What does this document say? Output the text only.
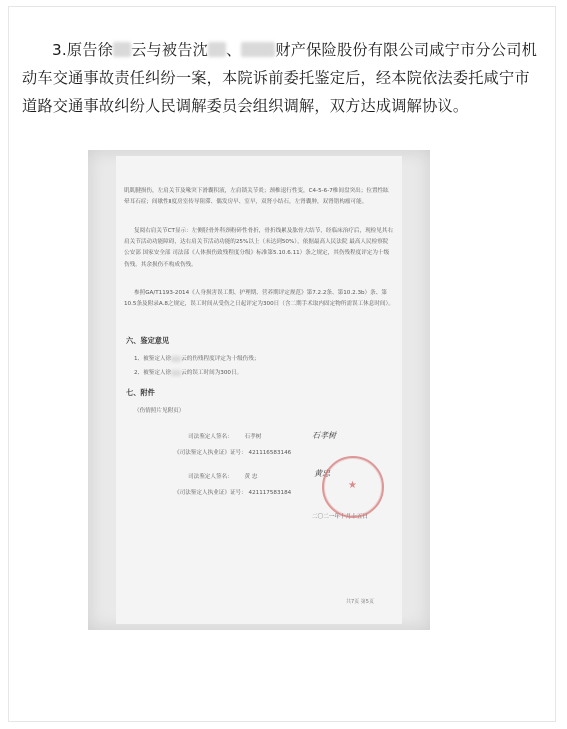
3.原告徐 云与被告沈 、 财产保险股份有限公司咸宁市分公司机动车交通事故责任纠纷一案，本院诉前委托鉴定后，经本院依法委托咸宁市道路交通事故纠纷人民调解委员会组织调解，双方达成调解协议。

肌肌腱损伤，左肩关节及喙突下滑囊积液，左肩锁关节炎；颈椎退行性变，C4-5-6-7椎间盘突出；位置性眩晕耳石症；间歇性Ⅱ度房室传导阻滞、偶发房早、室早，双肾小结石，左肾囊肿，双肾错构瘤可能。
复阅右肩关节CT显示：左侧胫骨外科颈粉碎性骨折，骨折线累及肱骨大结节，经临床治疗后，现检见其右肩关节活动功能障碍，达右肩关节活动功能的25%以上（未达到50%），依据最高人民法院 最高人民检察院 公安部 国家安全部 司法部《人体损伤致残程度分级》标准第5.10.6.11）条之规定，其伤残程度评定为十级伤残。其余损伤不构成伤残。
参照GA/T1193-2014《人身损害误工期、护理期、营养期评定规范》第7.2.2条、第10.2.3b）条、第10.5条及附录A.8之规定，误工时间从受伤之日起评定为300日（含二期手术取内固定物所需误工休息时间）。
六、鉴定意见
1、被鉴定人徐 云的伤残程度评定为十级伤残；
2、被鉴定人徐 云的误工时间为300日。
七、附件
（伤情照片见附页）
司法鉴定人签名： 石孝树	石孝树
《司法鉴定人执业证》证号： 421116583146
司法鉴定人签名： 黄 忠	黄忠
《司法鉴定人执业证》证号： 421117583184
二〇二一年十月十五日
★
共7页 第5页
